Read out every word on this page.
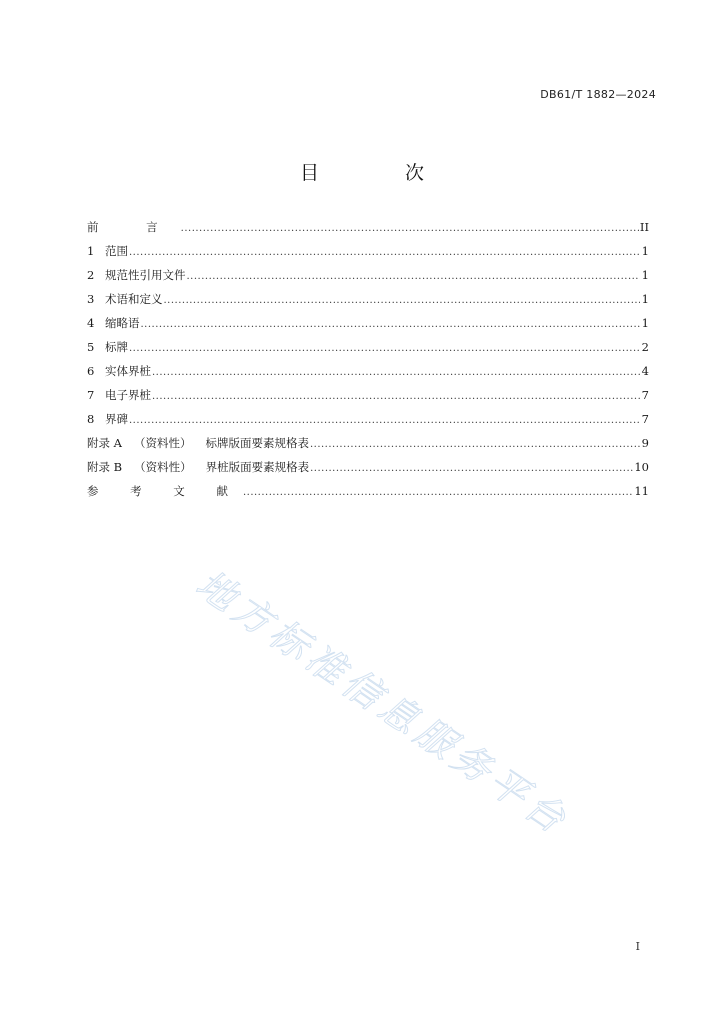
DB61/T 1882—2024
目 次
前 言 .....	II
1 范围 .....	1
2 规范性引用文件 .....	1
3 术语和定义 .....	1
4 缩略语 .....	1
5 标牌 .....	2
6 实体界桩 .....	4
7 电子界桩 .....	7
8 界碑 .....	7
附录 A （资料性） 标牌版面要素规格表 .....	9
附录 B （资料性） 界桩版面要素规格表 .....	10
参 考 文 献 .....	11
地方标准信息服务平台
I
